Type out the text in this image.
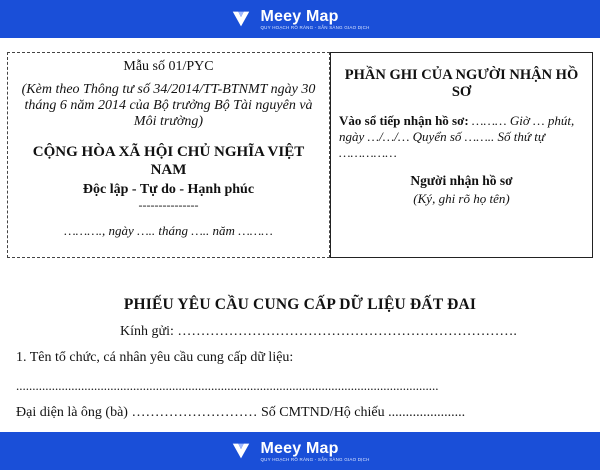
Meey Map
QUY HOẠCH RÕ RÀNG - SẴN SÀNG GIAO DỊCH
Mẫu số 01/PYC
(Kèm theo Thông tư số 34/2014/TT-BTNMT ngày 30 tháng 6 năm 2014 của Bộ trưởng Bộ Tài nguyên và Môi trường)
CỘNG HÒA XÃ HỘI CHỦ NGHĨA VIỆT NAM
Độc lập - Tự do - Hạnh phúc
---------------
………., ngày ….. tháng ….. năm ………
PHẦN GHI CỦA NGƯỜI NHẬN HỒ SƠ
Vào sổ tiếp nhận hồ sơ: ……… Giờ … phút, ngày …/…/… Quyển số …….. Số thứ tự ……………
Người nhận hồ sơ
(Ký, ghi rõ họ tên)
PHIẾU YÊU CẦU CUNG CẤP DỮ LIỆU ĐẤT ĐAI
Kính gửi: ……………………………………………………………….
1. Tên tổ chức, cá nhân yêu cầu cung cấp dữ liệu:
..................................................................................................................................
Đại diện là ông (bà) ……………………… Số CMTND/Hộ chiếu ......................
Meey Map
QUY HOẠCH RÕ RÀNG - SẴN SÀNG GIAO DỊCH
